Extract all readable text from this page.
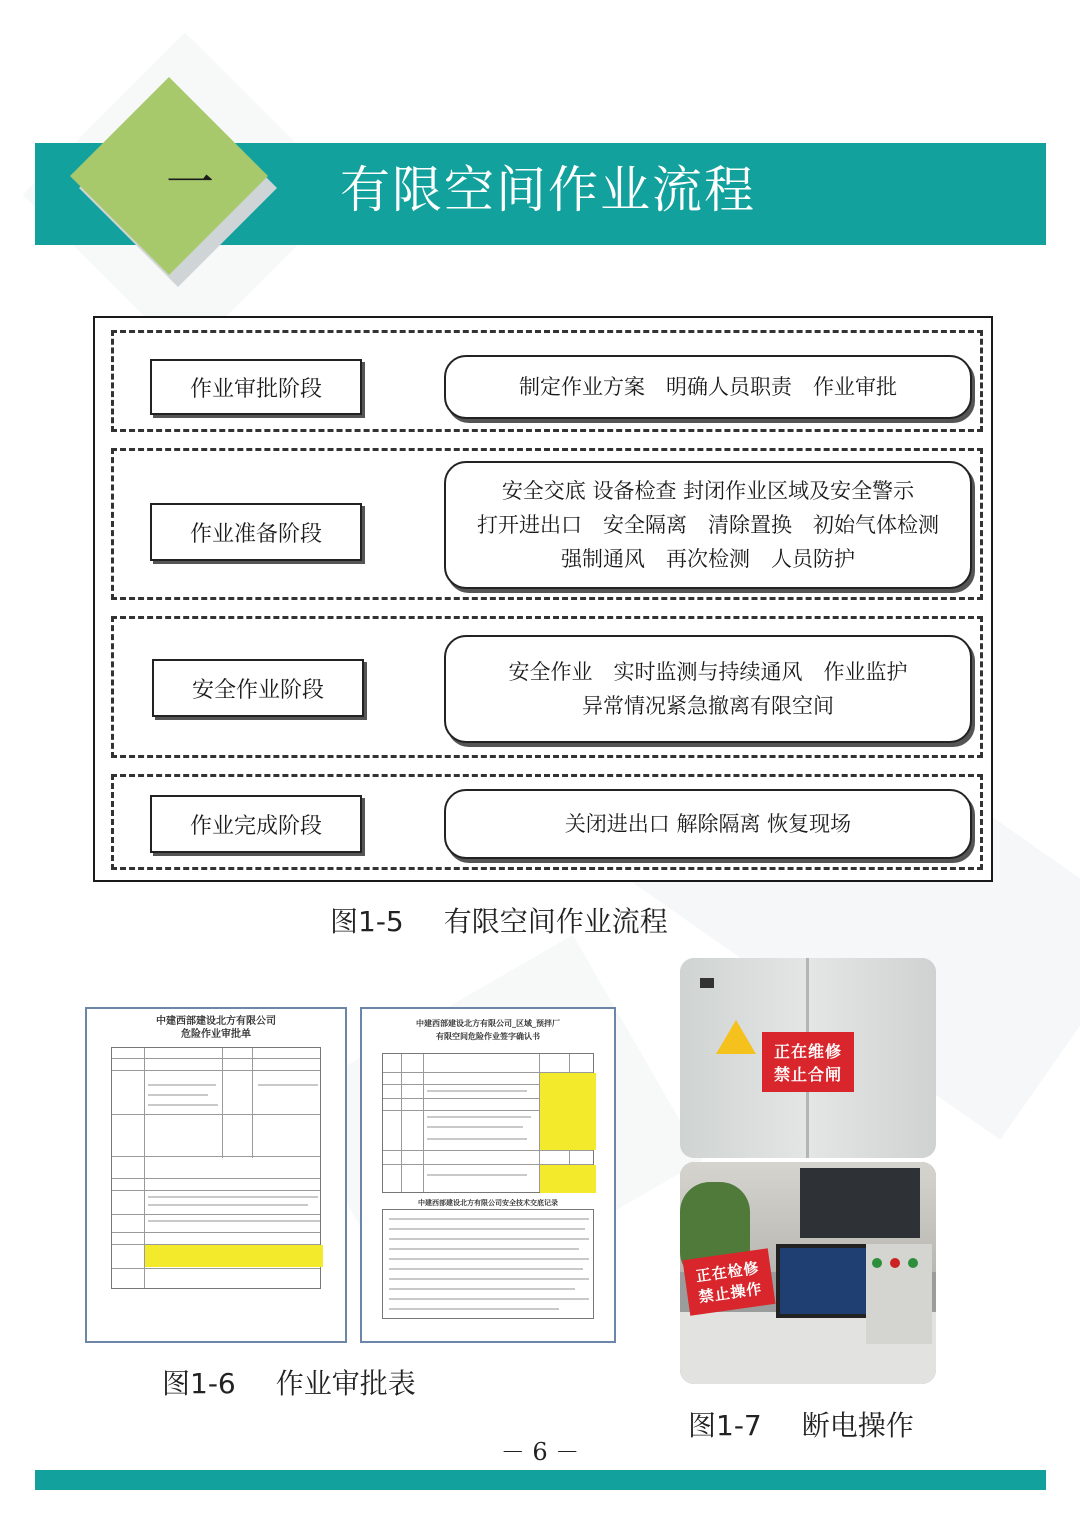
一	有限空间作业流程
作业审批阶段	制定作业方案　明确人员职责　作业审批
作业准备阶段
安全交底 设备检查 封闭作业区域及安全警示
打开进出口　安全隔离　清除置换　初始气体检测
强制通风　再次检测　人员防护
安全作业阶段
安全作业　实时监测与持续通风　作业监护
异常情况紧急撤离有限空间
作业完成阶段	关闭进出口 解除隔离 恢复现场
图1-5 有限空间作业流程
中建西部建设北方有限公司
危险作业审批单
中建西部建设北方有限公司_区域_预拌厂
有限空间危险作业签字确认书
中建西部建设北方有限公司安全技术交底记录
图1-6 作业审批表
正在维修
禁止合闸
正在检修
禁止操作
图1-7 断电操作
－ 6 －
